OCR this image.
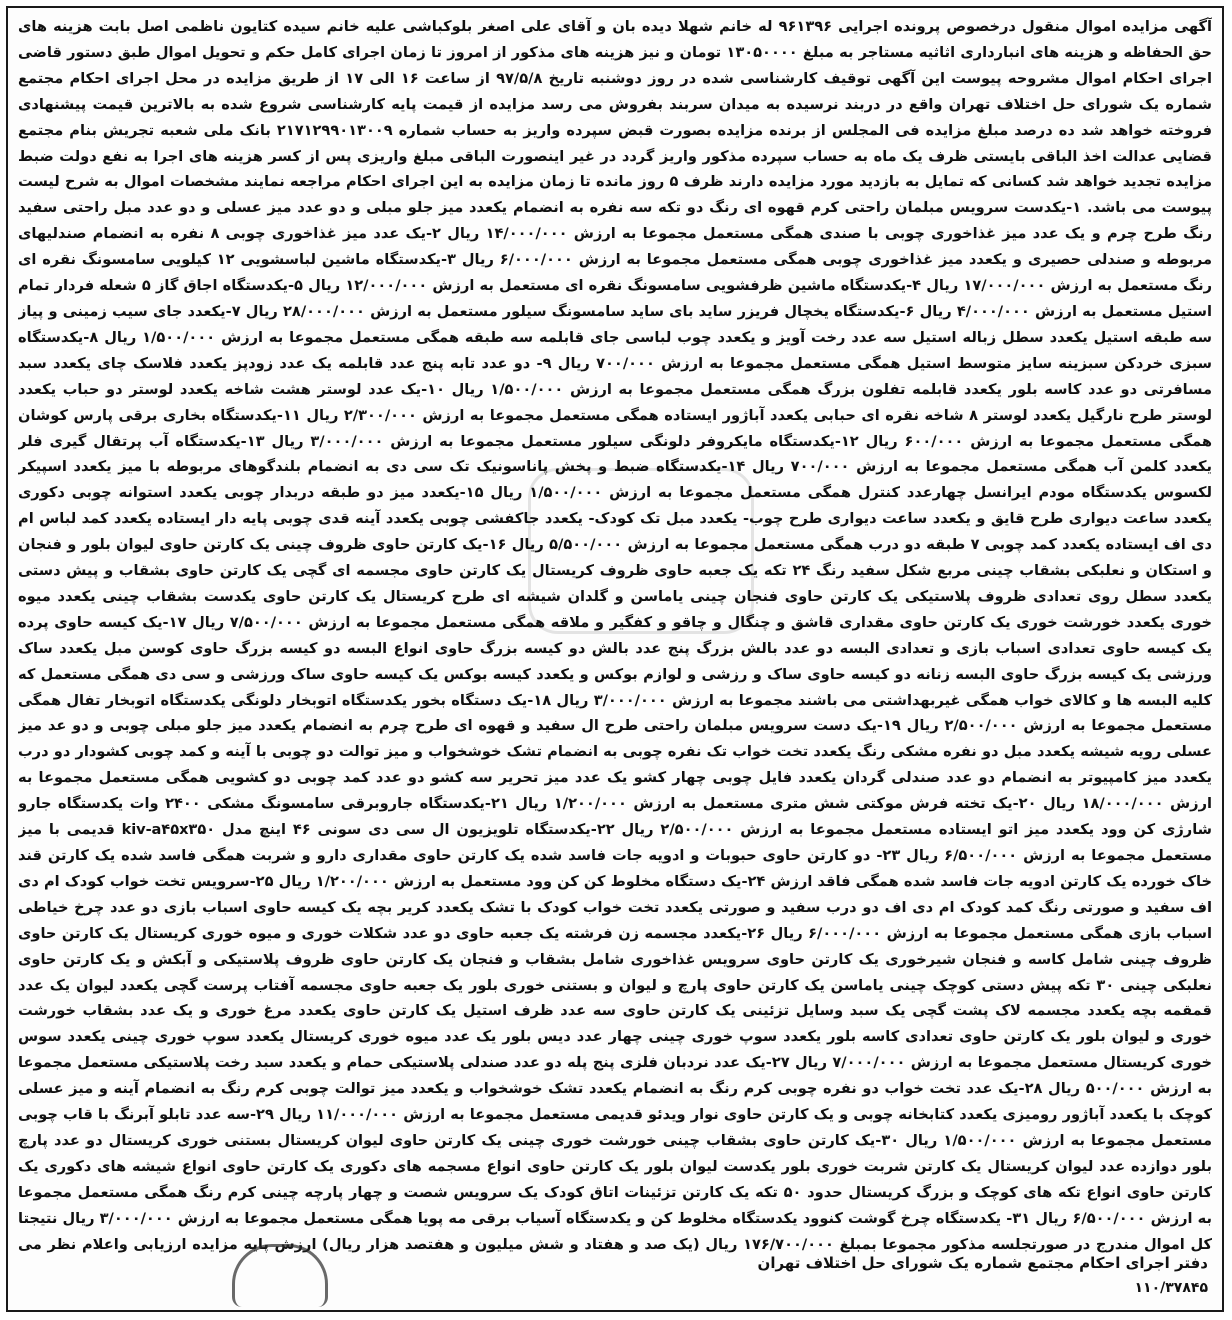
آگهی مزایده اموال منقول درخصوص پرونده اجرایی ۹۶۱۳۹۶ له خانم شهلا دیده بان و آقای علی اصغر بلوکباشی علیه خانم سیده کتایون ناظمی اصل بابت هزینه های حق الحفاظه و هزینه های انبارداری اثاثیه مستاجر به مبلغ ۱۳۰۵۰۰۰۰ تومان و نیز هزینه های مذکور از امروز تا زمان اجرای کامل حکم و تحویل اموال طبق دستور قاضی اجرای احکام اموال مشروحه پیوست این آگهی توقیف کارشناسی شده در روز دوشنبه تاریخ ۹۷/۵/۸ از ساعت ۱۶ الی ۱۷ از طریق مزایده در محل اجرای احکام مجتمع شماره یک شورای حل اختلاف تهران واقع در دربند نرسیده به میدان سربند بفروش می رسد مزایده از قیمت پایه کارشناسی شروع شده به بالاترین قیمت پیشنهادی فروخته خواهد شد ده درصد مبلغ مزایده فی المجلس از برنده مزایده بصورت قبض سپرده واریز به حساب شماره ۲۱۷۱۲۹۹۰۱۳۰۰۹ بانک ملی شعبه تجریش بنام مجتمع قضایی عدالت اخذ الباقی بایستی ظرف یک ماه به حساب سپرده مذکور واریز گردد در غیر اینصورت الباقی مبلغ واریزی پس از کسر هزینه های اجرا به نفع دولت ضبط مزایده تجدید خواهد شد کسانی که تمایل به بازدید مورد مزایده دارند ظرف ۵ روز مانده تا زمان مزایده به این اجرای احکام مراجعه نمایند مشخصات اموال به شرح لیست پیوست می باشد. ۱-یکدست سرویس مبلمان راحتی کرم قهوه ای رنگ دو تکه سه نفره به انضمام یکعدد میز جلو مبلی و دو عدد میز عسلی و دو عدد مبل راحتی سفید رنگ طرح چرم و یک عدد میز غذاخوری چوبی با صندی همگی مستعمل مجموعا به ارزش ۱۴/۰۰۰/۰۰۰ ریال ۲-یک عدد میز غذاخوری چوبی ۸ نفره به انضمام صندلیهای مربوطه و صندلی حصیری و یکعدد میز غذاخوری چوبی همگی مستعمل مجموعا به ارزش ۶/۰۰۰/۰۰۰ ریال ۳-یکدستگاه ماشین لباسشویی ۱۲ کیلویی سامسونگ نقره ای رنگ مستعمل به ارزش ۱۷/۰۰۰/۰۰۰ ریال ۴-یکدستگاه ماشین ظرفشویی سامسونگ نقره ای مستعمل به ارزش ۱۲/۰۰۰/۰۰۰ ریال ۵-یکدستگاه اجاق گاز ۵ شعله فردار تمام استیل مستعمل به ارزش ۴/۰۰۰/۰۰۰ ریال ۶-یکدستگاه یخچال فریزر ساید بای ساید سامسونگ سیلور مستعمل به ارزش ۲۸/۰۰۰/۰۰۰ ریال ۷-یکعدد جای سیب زمینی و پیاز سه طبقه استیل یکعدد سطل زباله استیل سه عدد رخت آویز و یکعدد چوب لباسی جای قابلمه سه طبقه همگی مستعمل مجموعا به ارزش ۱/۵۰۰/۰۰۰ ریال ۸-یکدستگاه سبزی خردکن سبزینه سایز متوسط استیل همگی مستعمل مجموعا به ارزش ۷۰۰/۰۰۰ ریال ۹- دو عدد تابه پنج عدد قابلمه یک عدد زودپز یکعدد فلاسک چای یکعدد سبد مسافرتی دو عدد کاسه بلور یکعدد قابلمه تفلون بزرگ همگی مستعمل مجموعا به ارزش ۱/۵۰۰/۰۰۰ ریال ۱۰-یک عدد لوستر هشت شاخه یکعدد لوستر دو حباب یکعدد لوستر طرح نارگیل یکعدد لوستر ۸ شاخه نقره ای حبابی یکعدد آباژور ایستاده همگی مستعمل مجموعا به ارزش ۲/۳۰۰/۰۰۰ ریال ۱۱-یکدستگاه بخاری برقی پارس کوشان همگی مستعمل مجموعا به ارزش ۶۰۰/۰۰۰ ریال ۱۲-یکدستگاه مایکروفر دلونگی سیلور مستعمل مجموعا به ارزش ۳/۰۰۰/۰۰۰ ریال ۱۳-یکدستگاه آب پرتقال گیری فلر یکعدد کلمن آب همگی مستعمل مجموعا به ارزش ۷۰۰/۰۰۰ ریال ۱۴-یکدستگاه ضبط و پخش پاناسونیک تک سی دی به انضمام بلندگوهای مربوطه با میز یکعدد اسپیکر لکسوس یکدستگاه مودم ایرانسل چهارعدد کنترل همگی مستعمل مجموعا به ارزش ۱/۵۰۰/۰۰۰ ریال ۱۵-یکعدد میز دو طبقه دربدار چوبی یکعدد استوانه چوبی دکوری یکعدد ساعت دیواری طرح قایق و یکعدد ساعت دیواری طرح چوب- یکعدد مبل تک کودک- یکعدد جاکفشی چوبی یکعدد آینه قدی چوبی پایه دار ایستاده یکعدد کمد لباس ام دی اف ایستاده یکعدد کمد چوبی ۷ طبقه دو درب همگی مستعمل مجموعا به ارزش ۵/۵۰۰/۰۰۰ ریال ۱۶-یک کارتن حاوی ظروف چینی یک کارتن حاوی لیوان بلور و فنجان و استکان و نعلبکی بشقاب چینی مربع شکل سفید رنگ ۲۴ تکه یک جعبه حاوی ظروف کریستال یک کارتن حاوی مجسمه ای گچی یک کارتن حاوی بشقاب و پیش دستی یکعدد سطل روی تعدادی ظروف پلاستیکی یک کارتن حاوی فنجان چینی یاماسن و گلدان شیشه ای طرح کریستال یک کارتن حاوی یکدست بشقاب چینی یکعدد میوه خوری یکعدد خورشت خوری یک کارتن حاوی مقداری قاشق و چنگال و چاقو و کفگیر و ملاقه همگی مستعمل مجموعا به ارزش ۷/۵۰۰/۰۰۰ ریال ۱۷-یک کیسه حاوی پرده یک کیسه حاوی تعدادی اسباب بازی و تعدادی البسه دو عدد بالش بزرگ پنج عدد بالش دو کیسه بزرگ حاوی انواع البسه دو کیسه بزرگ حاوی کوسن مبل یکعدد ساک ورزشی یک کیسه بزرگ حاوی البسه زنانه دو کیسه حاوی ساک و رزشی و لوازم بوکس و یکعدد کیسه بوکس یک کیسه حاوی ساک ورزشی و سی دی همگی مستعمل که کلیه البسه ها و کالای خواب همگی غیربهداشتی می باشند مجموعا به ارزش ۳/۰۰۰/۰۰۰ ریال ۱۸-یک دستگاه بخور یکدستگاه اتوبخار دلونگی یکدستگاه اتوبخار تفال همگی مستعمل مجموعا به ارزش ۲/۵۰۰/۰۰۰ ریال ۱۹-یک دست سرویس مبلمان راحتی طرح ال سفید و قهوه ای طرح چرم به انضمام یکعدد میز جلو مبلی چوبی و دو عد میز عسلی رویه شیشه یکعدد مبل دو نفره مشکی رنگ یکعدد تخت خواب تک نفره چوبی به انضمام تشک خوشخواب و میز توالت دو چوبی با آینه و کمد چوبی کشودار دو درب یکعدد میز کامپیوتر به انضمام دو عدد صندلی گردان یکعدد فایل چوبی چهار کشو یک عدد میز تحریر سه کشو دو عدد کمد چوبی دو کشویی همگی مستعمل مجموعا به ارزش ۱۸/۰۰۰/۰۰۰ ریال ۲۰-یک تخته فرش موکتی شش متری مستعمل به ارزش ۱/۲۰۰/۰۰۰ ریال ۲۱-یکدستگاه جاروبرقی سامسونگ مشکی ۲۴۰۰ وات یکدستگاه جارو شارژی کن وود یکعدد میز اتو ایستاده مستعمل مجموعا به ارزش ۲/۵۰۰/۰۰۰ ریال ۲۲-یکدستگاه تلویزیون ال سی دی سونی ۴۶ اینچ مدل kiv-a۴۵x۳۵۰ قدیمی با میز مستعمل مجموعا به ارزش ۶/۵۰۰/۰۰۰ ریال ۲۳- دو کارتن حاوی حبوبات و ادویه جات فاسد شده یک کارتن حاوی مقداری دارو و شربت همگی فاسد شده یک کارتن قند خاک خورده یک کارتن ادویه جات فاسد شده همگی فاقد ارزش ۲۴-یک دستگاه مخلوط کن کن وود مستعمل به ارزش ۱/۲۰۰/۰۰۰ ریال ۲۵-سرویس تخت خواب کودک ام دی اف سفید و صورتی رنگ کمد کودک ام دی اف دو درب سفید و صورتی یکعدد تخت خواب کودک با تشک یکعدد کریر بچه یک کیسه حاوی اسباب بازی دو عدد چرخ خیاطی اسباب بازی همگی مستعمل مجموعا به ارزش ۶/۰۰۰/۰۰۰ ریال ۲۶-یکعدد مجسمه زن فرشته یک جعبه حاوی دو عدد شکلات خوری و میوه خوری کریستال یک کارتن حاوی ظروف چینی شامل کاسه و فنجان شیرخوری یک کارتن حاوی سرویس غذاخوری شامل بشقاب و فنجان یک کارتن حاوی ظروف پلاستیکی و آبکش و یک کارتن حاوی نعلبکی چینی ۳۰ تکه پیش دستی کوچک چینی یاماسن یک کارتن حاوی پارچ و لیوان و بستنی خوری بلور یک جعبه حاوی مجسمه آفتاب پرست گچی یکعدد لیوان یک عدد قمقمه بچه یکعدد مجسمه لاک پشت گچی یک سبد وسایل تزئینی یک کارتن حاوی سه عدد ظرف استیل یک کارتن حاوی یکعدد مرغ خوری و یک عدد بشقاب خورشت خوری و لیوان بلور یک کارتن حاوی تعدادی کاسه بلور یکعدد سوپ خوری چینی چهار عدد دیس بلور یک عدد میوه خوری کریستال یکعدد سوپ خوری چینی یکعدد سوس خوری کریستال مستعمل مجموعا به ارزش ۷/۰۰۰/۰۰۰ ریال ۲۷-یک عدد نردبان فلزی پنج پله دو عدد صندلی پلاستیکی حمام و یکعدد سبد رخت پلاستیکی مستعمل مجموعا به ارزش ۵۰۰/۰۰۰ ریال ۲۸-یک عدد تخت خواب دو نفره چوبی کرم رنگ به انضمام یکعدد تشک خوشخواب و یکعدد میز توالت چوبی کرم رنگ به انضمام آینه و میز عسلی کوچک با یکعدد آباژور رومیزی یکعدد کتابخانه چوبی و یک کارتن حاوی نوار ویدئو قدیمی مستعمل مجموعا به ارزش ۱۱/۰۰۰/۰۰۰ ریال ۲۹-سه عدد تابلو آبرنگ با قاب چوبی مستعمل مجموعا به ارزش ۱/۵۰۰/۰۰۰ ریال ۳۰-یک کارتن حاوی بشقاب چینی خورشت خوری چینی یک کارتن حاوی لیوان کریستال بستنی خوری کریستال دو عدد پارچ بلور دوازده عدد لیوان کریستال یک کارتن شربت خوری بلور یکدست لیوان بلور یک کارتن حاوی انواع مسجمه های دکوری یک کارتن حاوی انواع شیشه های دکوری یک کارتن حاوی انواع تکه های کوچک و بزرگ کریستال حدود ۵۰ تکه یک کارتن تزئینات اتاق کودک یک سرویس شصت و چهار پارچه چینی کرم رنگ همگی مستعمل مجموعا به ارزش ۶/۵۰۰/۰۰۰ ریال ۳۱- یکدستگاه چرخ گوشت کنوود یکدستگاه مخلوط کن و یکدستگاه آسیاب برقی مه پویا همگی مستعمل مجموعا به ارزش ۳/۰۰۰/۰۰۰ ریال نتیجتا کل اموال مندرج در صورتجلسه مذکور مجموعا بمبلغ ۱۷۶/۷۰۰/۰۰۰ ریال (یک صد و هفتاد و شش میلیون و هفتصد هزار ریال) ارزش پایه مزایده ارزیابی واعلام نظر می
دفتر اجرای احکام مجتمع شماره یک شورای حل اختلاف تهران
۱۱۰/۳۷۸۴۵
